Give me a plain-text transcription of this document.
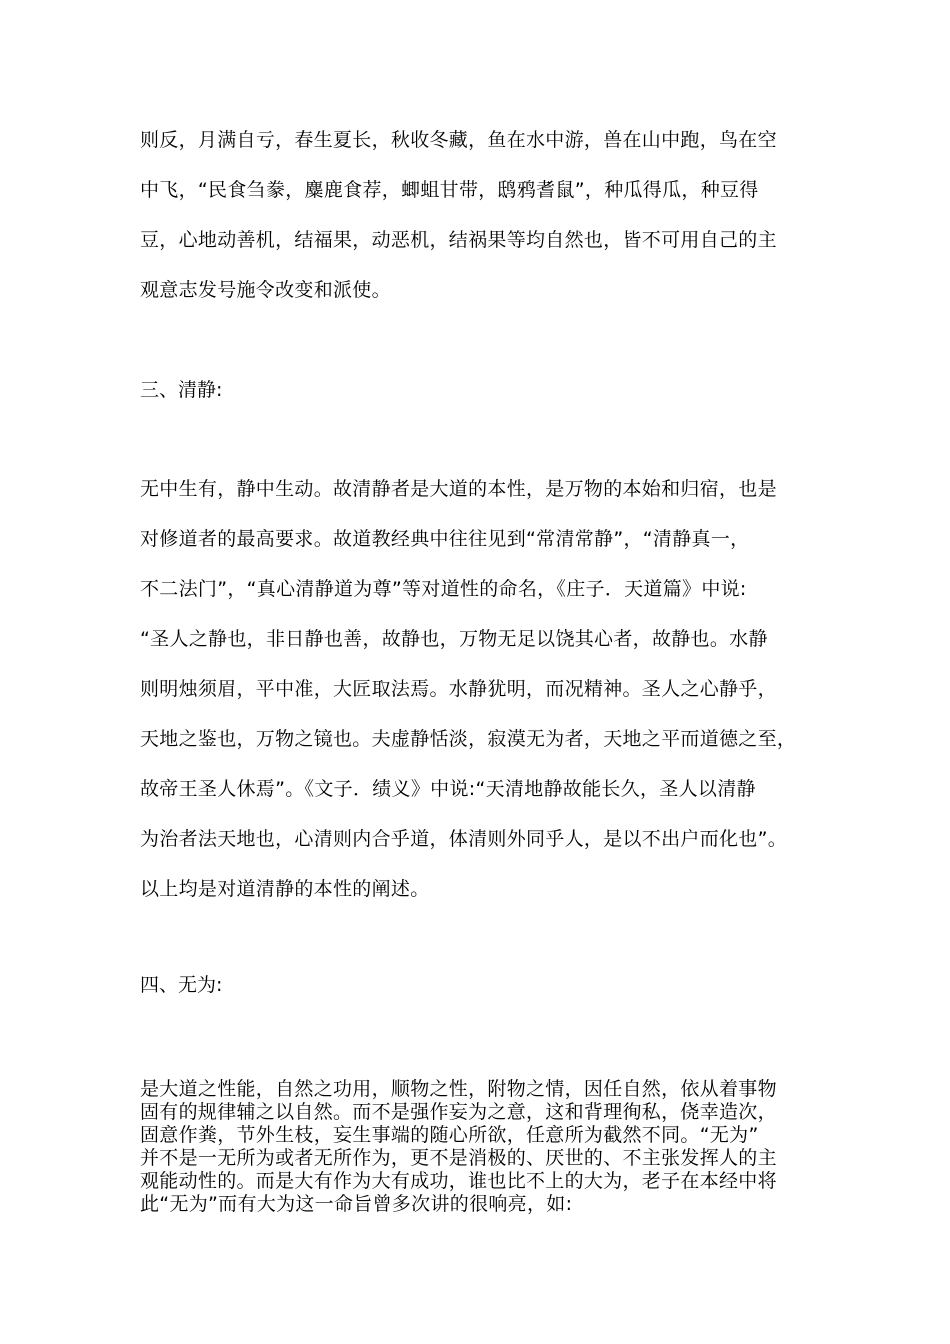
则反，月满自亏，春生夏长，秋收冬藏，鱼在水中游，兽在山中跑，鸟在空
中飞，“民食刍豢，麋鹿食荐，蝍蛆甘带，鸱鸦耆鼠”，种瓜得瓜，种豆得
豆，心地动善机，结福果，动恶机，结祸果等均自然也，皆不可用自己的主
观意志发号施令改变和派使。
三、清静:
无中生有，静中生动。故清静者是大道的本性，是万物的本始和归宿，也是
对修道者的最高要求。故道教经典中往往见到“常清常静”，“清静真一，
不二法门”，“真心清静道为尊”等对道性的命名，《庄子．天道篇》中说:
“圣人之静也，非日静也善，故静也，万物无足以饶其心者，故静也。水静
则明烛须眉，平中准，大匠取法焉。水静犹明，而况精神。圣人之心静乎，
天地之鉴也，万物之镜也。夫虚静恬淡，寂漠无为者，天地之平而道德之至，
故帝王圣人休焉”。《文子．绩义》中说:“天清地静故能长久，圣人以清静
为治者法天地也，心清则内合乎道，体清则外同乎人，是以不出户而化也”。
以上均是对道清静的本性的阐述。
四、无为:
是大道之性能，自然之功用，顺物之性，附物之情，因任自然，依从着事物
固有的规律辅之以自然。而不是强作妄为之意，这和背理徇私，侥幸造次，
固意作粪，节外生枝，妄生事端的随心所欲，任意所为截然不同。“无为”
并不是一无所为或者无所作为，更不是消极的、厌世的、不主张发挥人的主
观能动性的。而是大有作为大有成功，谁也比不上的大为，老子在本经中将
此“无为”而有大为这一命旨曾多次讲的很响亮，如:
